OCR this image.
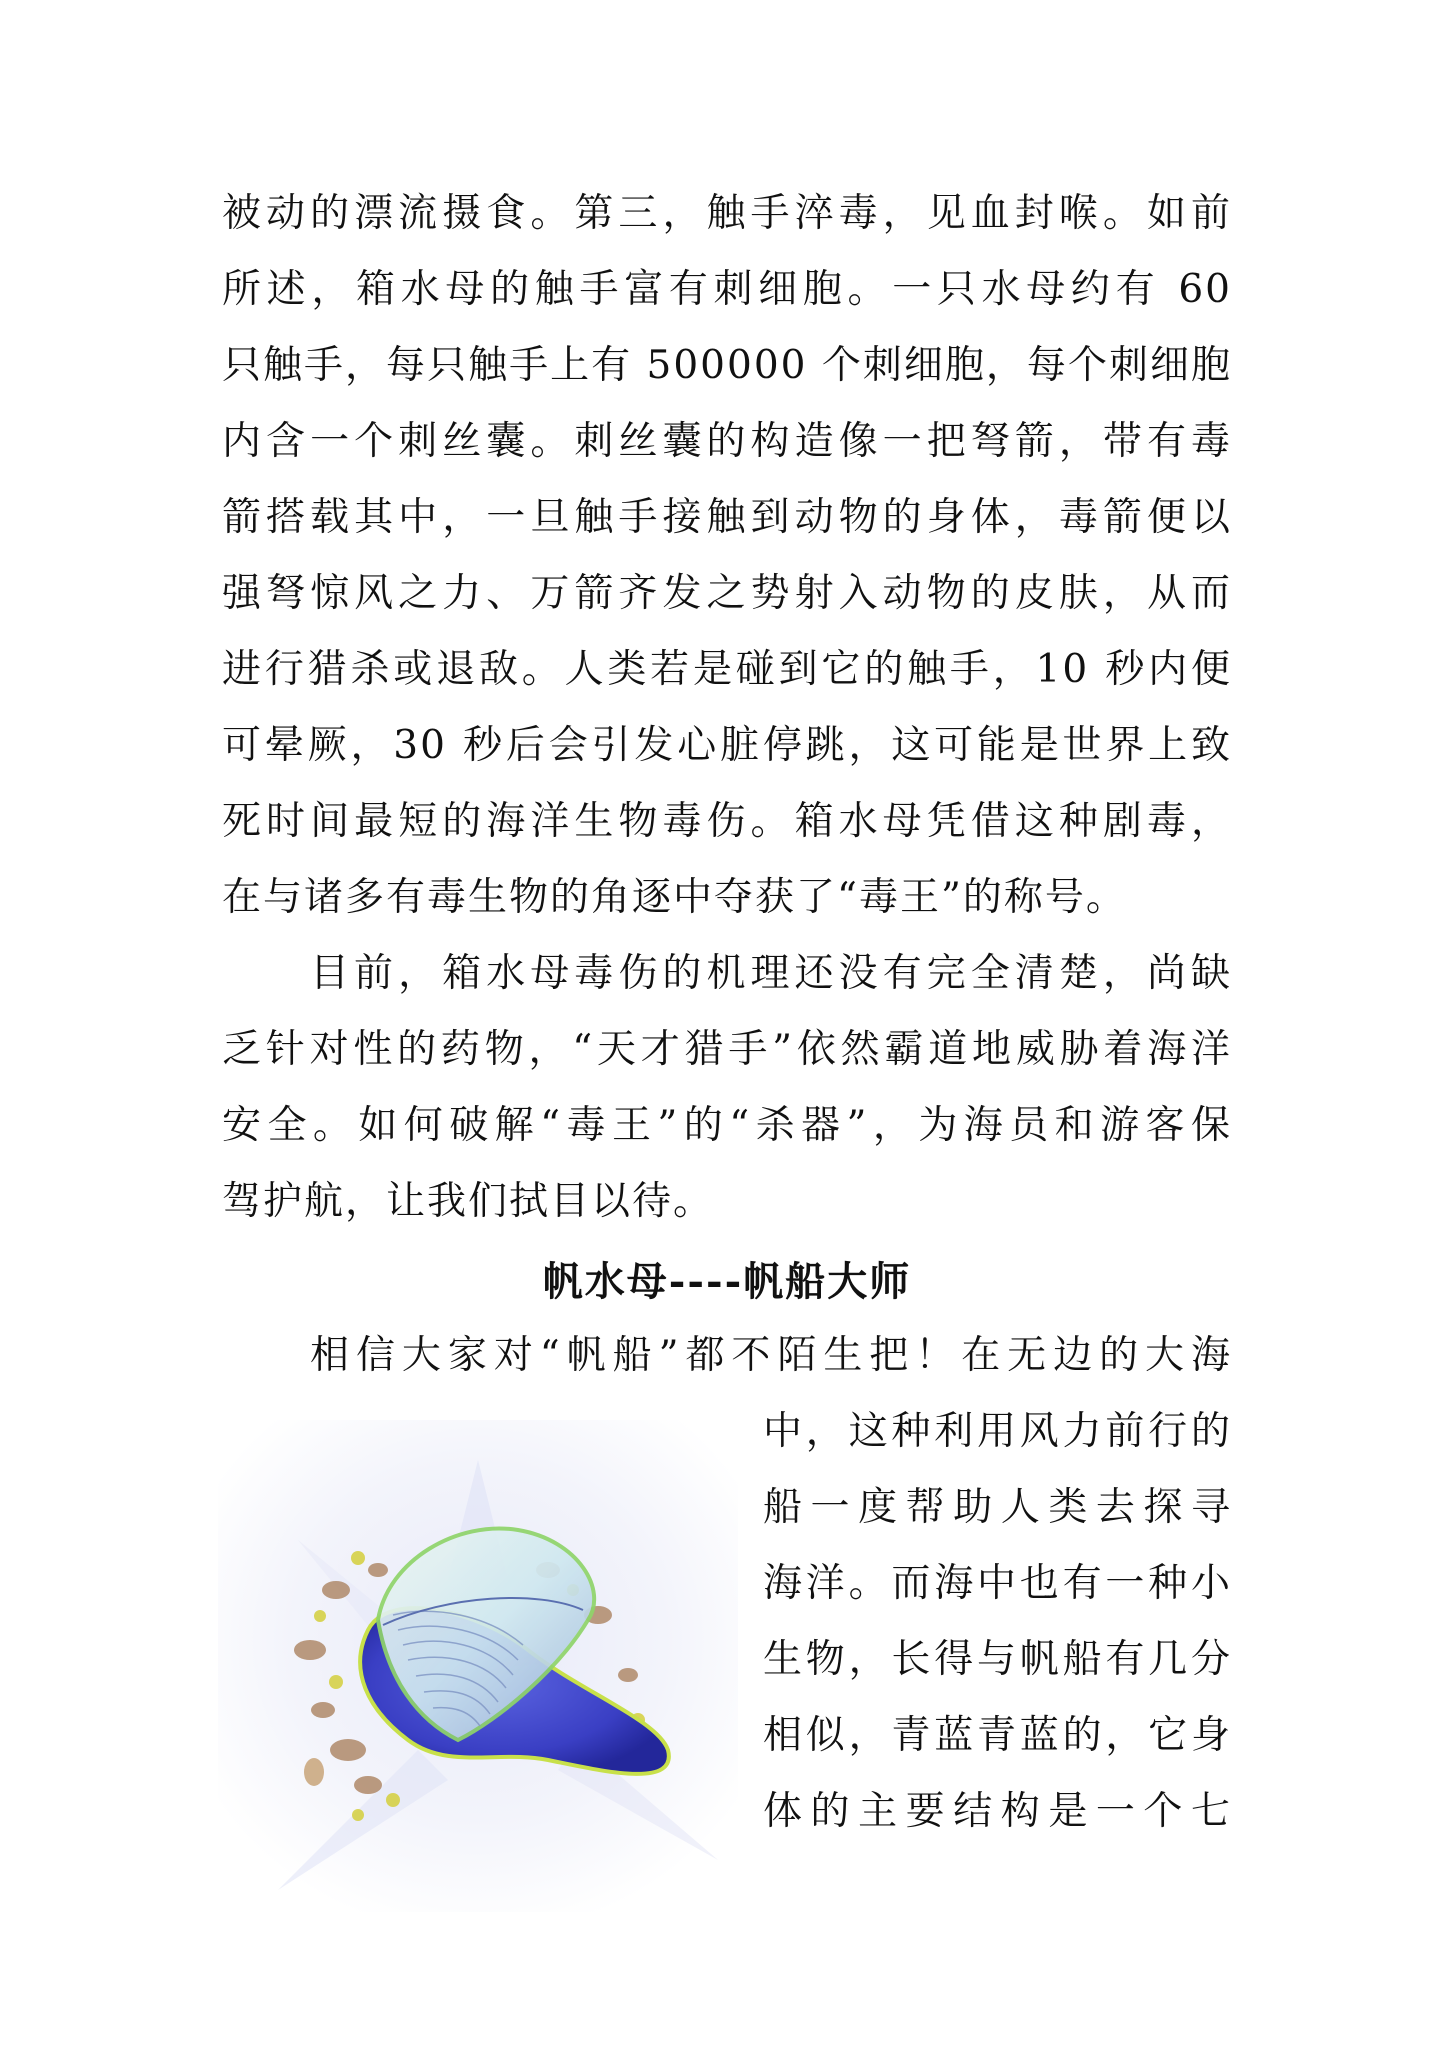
被动的漂流摄食。第三，触手淬毒，见血封喉。如前
所述，箱水母的触手富有刺细胞。一只水母约有 60
只触手，每只触手上有 500000 个刺细胞，每个刺细胞
内含一个刺丝囊。刺丝囊的构造像一把弩箭，带有毒
箭搭载其中，一旦触手接触到动物的身体，毒箭便以
强弩惊风之力、万箭齐发之势射入动物的皮肤，从而
进行猎杀或退敌。人类若是碰到它的触手，10 秒内便
可晕厥，30 秒后会引发心脏停跳，这可能是世界上致
死时间最短的海洋生物毒伤。箱水母凭借这种剧毒，
在与诸多有毒生物的角逐中夺获了“毒王”的称号。
目前，箱水母毒伤的机理还没有完全清楚，尚缺
乏针对性的药物，“天才猎手”依然霸道地威胁着海洋
安全。如何破解“毒王”的“杀器”，为海员和游客保
驾护航，让我们拭目以待。
帆水母----帆船大师
相信大家对“帆船”都不陌生把！在无边的大海
中，这种利用风力前行的
船一度帮助人类去探寻
海洋。而海中也有一种小
生物，长得与帆船有几分
相似，青蓝青蓝的，它身
体的主要结构是一个七
